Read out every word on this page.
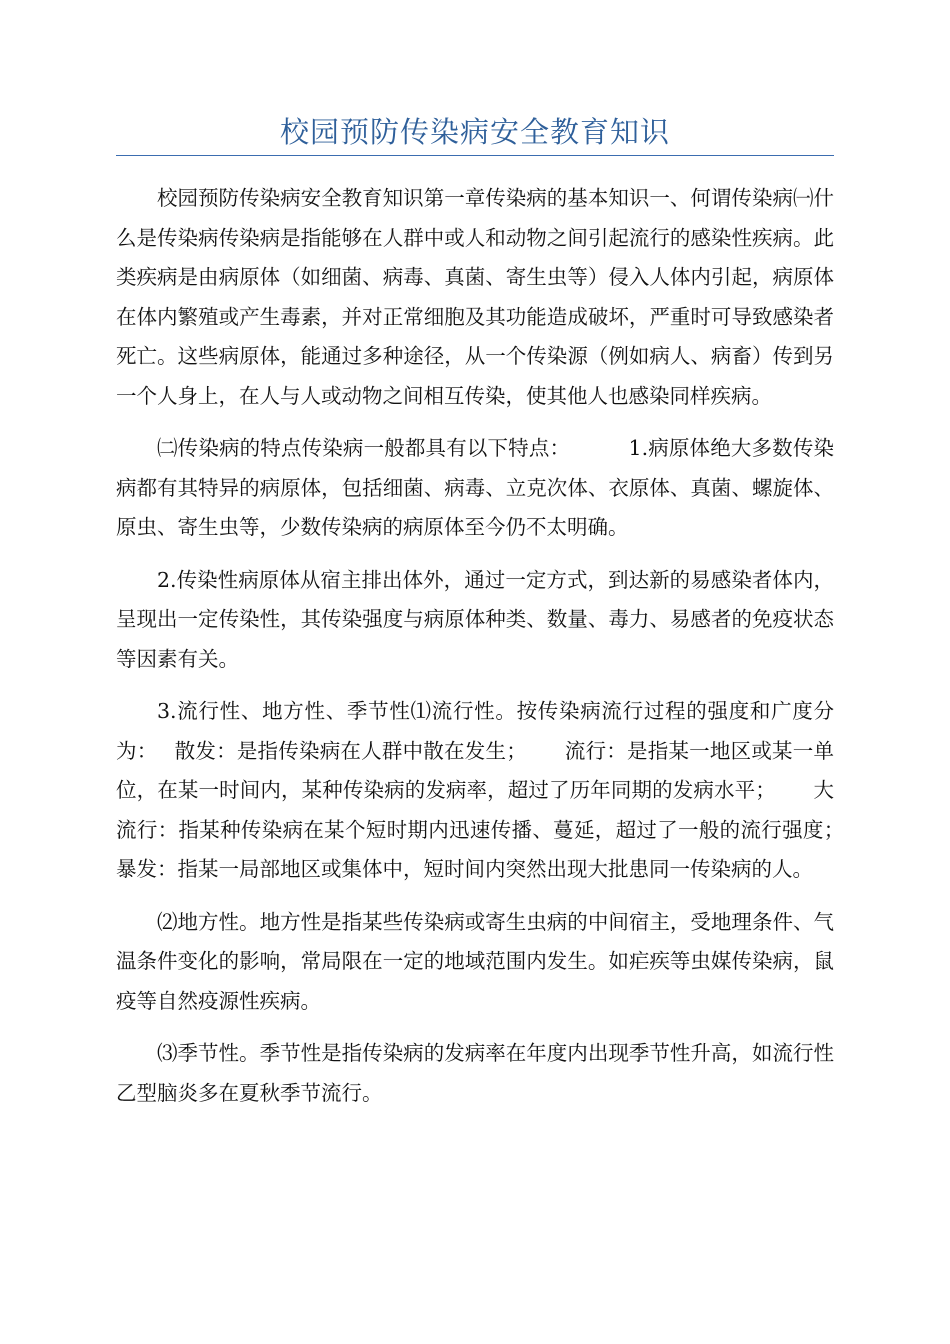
校园预防传染病安全教育知识

校园预防传染病安全教育知识第一章传染病的基本知识一、何谓传染病㈠什么是传染病传染病是指能够在人群中或人和动物之间引起流行的感染性疾病。此类疾病是由病原体（如细菌、病毒、真菌、寄生虫等）侵入人体内引起，病原体在体内繁殖或产生毒素，并对正常细胞及其功能造成破坏，严重时可导致感染者死亡。这些病原体，能通过多种途径，从一个传染源（例如病人、病畜）传到另一个人身上，在人与人或动物之间相互传染，使其他人也感染同样疾病。

㈡传染病的特点传染病一般都具有以下特点：　　　 1.病原体绝大多数传染病都有其特异的病原体，包括细菌、病毒、立克次体、衣原体、真菌、螺旋体、原虫、寄生虫等，少数传染病的病原体至今仍不太明确。

2.传染性病原体从宿主排出体外，通过一定方式，到达新的易感染者体内，呈现出一定传染性，其传染强度与病原体种类、数量、毒力、易感者的免疫状态等因素有关。

3.流行性、地方性、季节性⑴流行性。按传染病流行过程的强度和广度分为：　 散发：是指传染病在人群中散在发生；　　 流行：是指某一地区或某一单位，在某一时间内，某种传染病的发病率，超过了历年同期的发病水平；　　 大流行：指某种传染病在某个短时期内迅速传播、蔓延，超过了一般的流行强度；　　 暴发：指某一局部地区或集体中，短时间内突然出现大批患同一传染病的人。

⑵地方性。地方性是指某些传染病或寄生虫病的中间宿主，受地理条件、气温条件变化的影响，常局限在一定的地域范围内发生。如疟疾等虫媒传染病，鼠疫等自然疫源性疾病。

⑶季节性。季节性是指传染病的发病率在年度内出现季节性升高，如流行性乙型脑炎多在夏秋季节流行。
